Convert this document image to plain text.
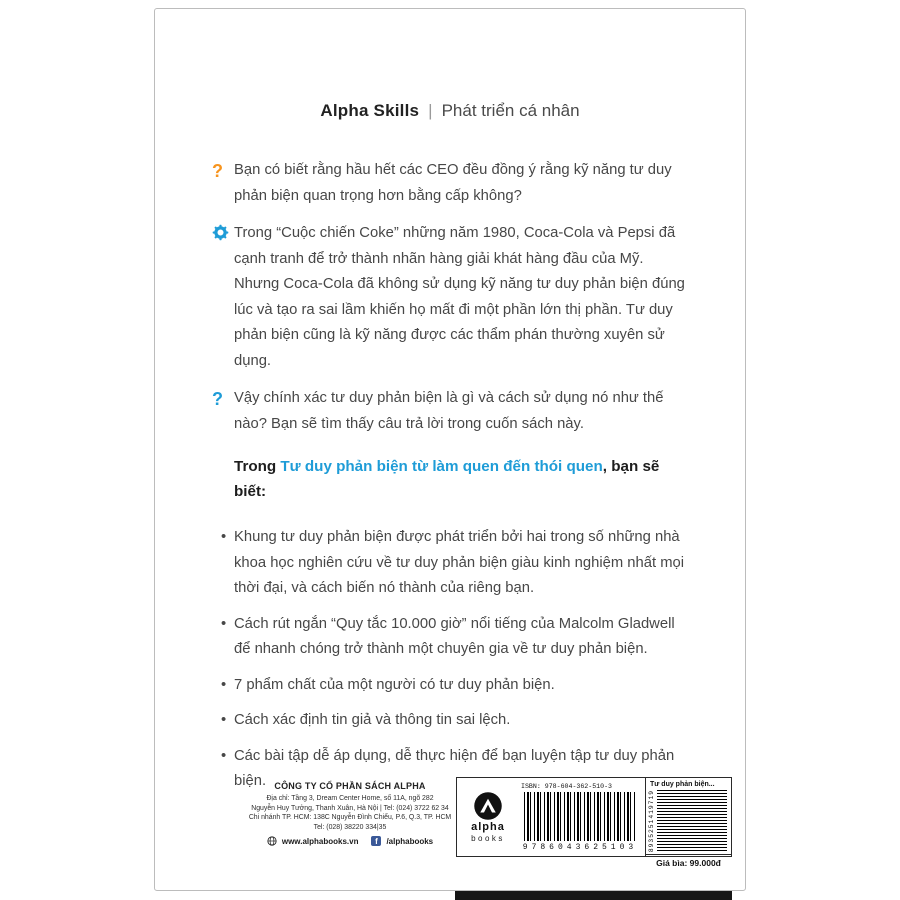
Alpha Skills | Phát triển cá nhân
? Bạn có biết rằng hầu hết các CEO đều đồng ý rằng kỹ năng tư duy phản biện quan trọng hơn bằng cấp không?
Trong “Cuộc chiến Coke” những năm 1980, Coca-Cola và Pepsi đã cạnh tranh để trở thành nhãn hàng giải khát hàng đầu của Mỹ. Nhưng Coca-Cola đã không sử dụng kỹ năng tư duy phản biện đúng lúc và tạo ra sai lầm khiến họ mất đi một phần lớn thị phần. Tư duy phản biện cũng là kỹ năng được các thẩm phán thường xuyên sử dụng.
? Vậy chính xác tư duy phản biện là gì và cách sử dụng nó như thế nào? Bạn sẽ tìm thấy câu trả lời trong cuốn sách này.
Trong Tư duy phản biện từ làm quen đến thói quen, bạn sẽ biết:
• Khung tư duy phản biện được phát triển bởi hai trong số những nhà khoa học nghiên cứu về tư duy phản biện giàu kinh nghiệm nhất mọi thời đại, và cách biến nó thành của riêng bạn.
• Cách rút ngắn “Quy tắc 10.000 giờ” nổi tiếng của Malcolm Gladwell để nhanh chóng trở thành một chuyên gia về tư duy phản biện.
• 7 phẩm chất của một người có tư duy phản biện.
• Cách xác định tin giả và thông tin sai lệch.
• Các bài tập dễ áp dụng, dễ thực hiện để bạn luyện tập tư duy phản biện. CÔNG TY CỔ PHẦN SÁCH ALPHA
Địa chỉ: Tầng 3, Dream Center Home, số 11A, ngõ 282
Nguyễn Huy Tưởng, Thanh Xuân, Hà Nội | Tel: (024) 3722 62 34
Chi nhánh TP. HCM: 138C Nguyễn Đình Chiểu, P.6, Q.3, TP. HCM
Tel: (028) 38220 334|35
www.alphabooks.vn	f	/alphabooks
alpha
books
ISBN: 978-604-362-510-3
9786043625103
Tư duy phản biện...
8935251419719
Giá bìa: 99.000đ
